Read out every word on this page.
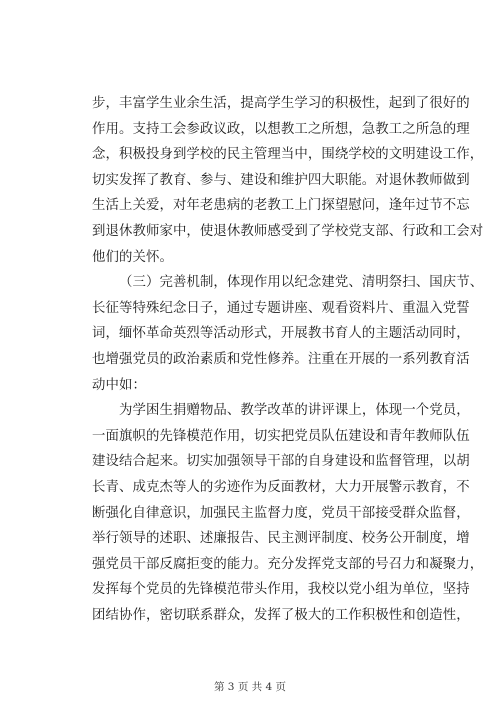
步，丰富学生业余生活，提高学生学习的积极性，起到了很好的
作用。支持工会参政议政，以想教工之所想，急教工之所急的理
念，积极投身到学校的民主管理当中，围绕学校的文明建设工作，
切实发挥了教育、参与、建设和维护四大职能。对退休教师做到
生活上关爱，对年老患病的老教工上门探望慰问，逢年过节不忘
到退休教师家中，使退休教师感受到了学校党支部、行政和工会对
他们的关怀。
（三）完善机制，体现作用以纪念建党、清明祭扫、国庆节、
长征等特殊纪念日子，通过专题讲座、观看资料片、重温入党誓
词，缅怀革命英烈等活动形式，开展教书育人的主题活动同时，
也增强党员的政治素质和党性修养。注重在开展的一系列教育活
动中如：
为学困生捐赠物品、教学改革的讲评课上，体现一个党员，
一面旗帜的先锋模范作用，切实把党员队伍建设和青年教师队伍
建设结合起来。切实加强领导干部的自身建设和监督管理，以胡
长青、成克杰等人的劣迹作为反面教材，大力开展警示教育，不
断强化自律意识，加强民主监督力度，党员干部接受群众监督，
举行领导的述职、述廉报告、民主测评制度、校务公开制度，增
强党员干部反腐拒变的能力。充分发挥党支部的号召力和凝聚力，
发挥每个党员的先锋模范带头作用，我校以党小组为单位，坚持
团结协作，密切联系群众，发挥了极大的工作积极性和创造性，
第 3 页 共 4 页
